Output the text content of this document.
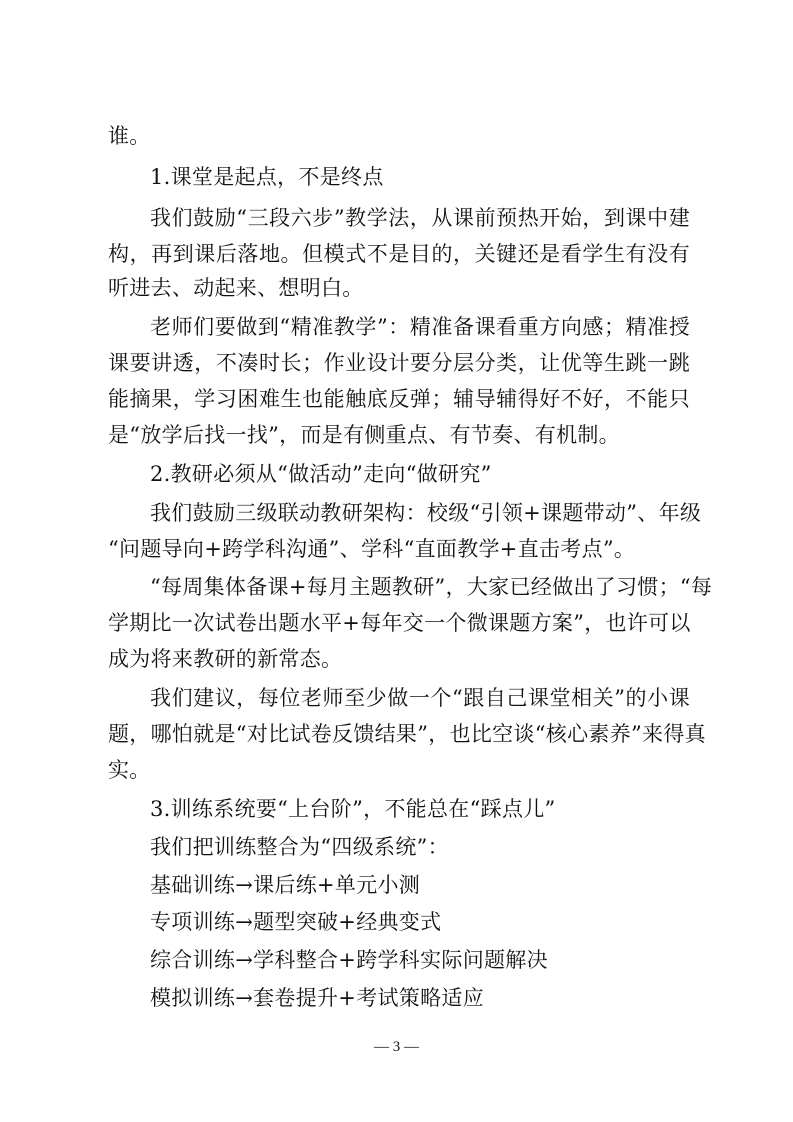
谁。
1.课堂是起点，不是终点
我们鼓励“三段六步”教学法，从课前预热开始，到课中建
构，再到课后落地。但模式不是目的，关键还是看学生有没有
听进去、动起来、想明白。
老师们要做到“精准教学”：精准备课看重方向感；精准授
课要讲透，不凑时长；作业设计要分层分类，让优等生跳一跳
能摘果，学习困难生也能触底反弹；辅导辅得好不好，不能只
是“放学后找一找”，而是有侧重点、有节奏、有机制。
2.教研必须从“做活动”走向“做研究”
我们鼓励三级联动教研架构：校级“引领+课题带动”、年级
“问题导向+跨学科沟通”、学科“直面教学+直击考点”。
“每周集体备课+每月主题教研”，大家已经做出了习惯；“每
学期比一次试卷出题水平+每年交一个微课题方案”，也许可以
成为将来教研的新常态。
我们建议，每位老师至少做一个“跟自己课堂相关”的小课
题，哪怕就是“对比试卷反馈结果”，也比空谈“核心素养”来得真
实。
3.训练系统要“上台阶”，不能总在“踩点儿”
我们把训练整合为“四级系统”：
基础训练→课后练+单元小测
专项训练→题型突破+经典变式
综合训练→学科整合+跨学科实际问题解决
模拟训练→套卷提升+考试策略适应
— 3 —
